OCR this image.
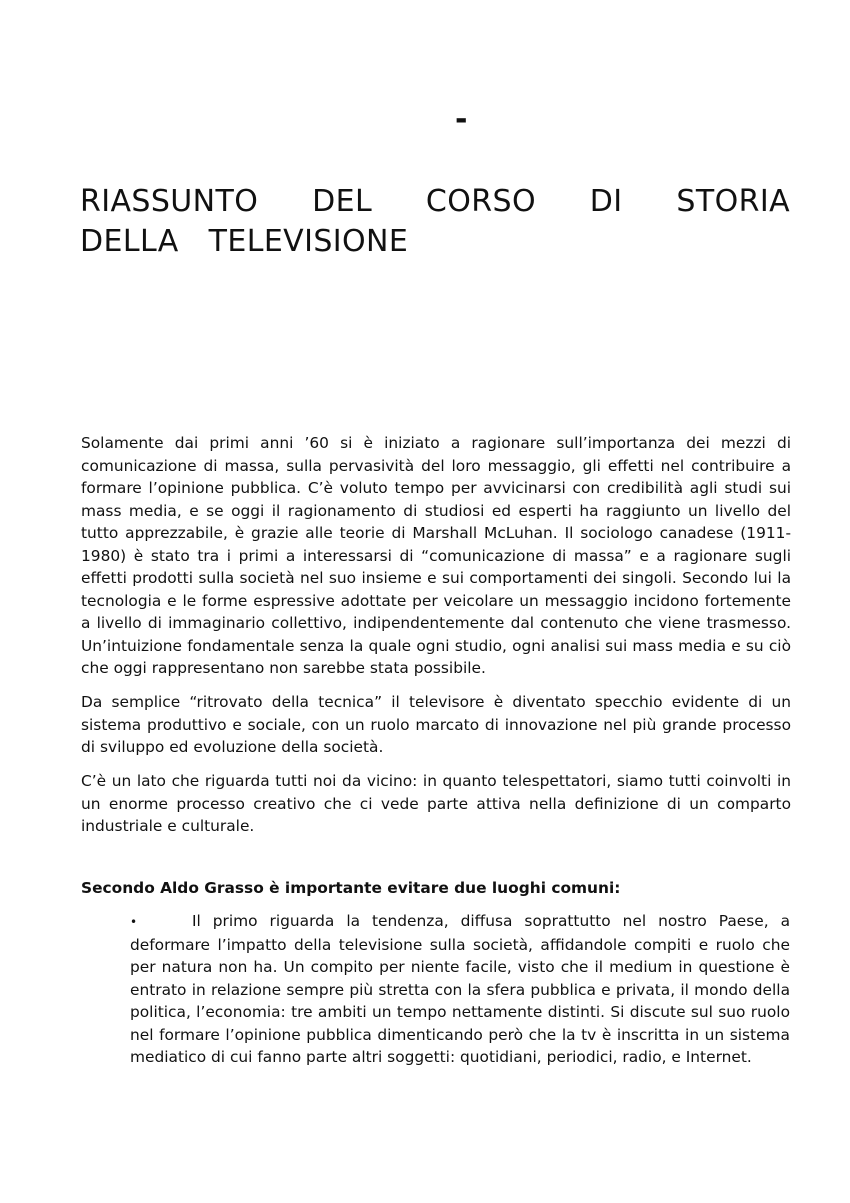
-
RIASSUNTO DEL CORSO DI STORIA DELLA TELEVISIONE

Solamente dai primi anni ’60 si è iniziato a ragionare sull’importanza dei mezzi di comunicazione di massa, sulla pervasività del loro messaggio, gli effetti nel contribuire a formare l’opinione pubblica. C’è voluto tempo per avvicinarsi con credibilità agli studi sui mass media, e se oggi il ragionamento di studiosi ed esperti ha raggiunto un livello del tutto apprezzabile, è grazie alle teorie di Marshall McLuhan. Il sociologo canadese (1911-1980) è stato tra i primi a interessarsi di “comunicazione di massa” e a ragionare sugli effetti prodotti sulla società nel suo insieme e sui comportamenti dei singoli. Secondo lui la tecnologia e le forme espressive adottate per veicolare un messaggio incidono fortemente a livello di immaginario collettivo, indipendentemente dal contenuto che viene trasmesso. Un’intuizione fondamentale senza la quale ogni studio, ogni analisi sui mass media e su ciò che oggi rappresentano non sarebbe stata possibile.

Da semplice “ritrovato della tecnica” il televisore è diventato specchio evidente di un sistema produttivo e sociale, con un ruolo marcato di innovazione nel più grande processo di sviluppo ed evoluzione della società.

C’è un lato che riguarda tutti noi da vicino: in quanto telespettatori, siamo tutti coinvolti in un enorme processo creativo che ci vede parte attiva nella definizione di un comparto industriale e culturale.

Secondo Aldo Grasso è importante evitare due luoghi comuni:

•	Il primo riguarda la tendenza, diffusa soprattutto nel nostro Paese, a deformare l’impatto della televisione sulla società, affidandole compiti e ruolo che per natura non ha. Un compito per niente facile, visto che il medium in questione è entrato in relazione sempre più stretta con la sfera pubblica e privata, il mondo della politica, l’economia: tre ambiti un tempo nettamente distinti. Si discute sul suo ruolo nel formare l’opinione pubblica dimenticando però che la tv è inscritta in un sistema mediatico di cui fanno parte altri soggetti: quotidiani, periodici, radio, e Internet.
